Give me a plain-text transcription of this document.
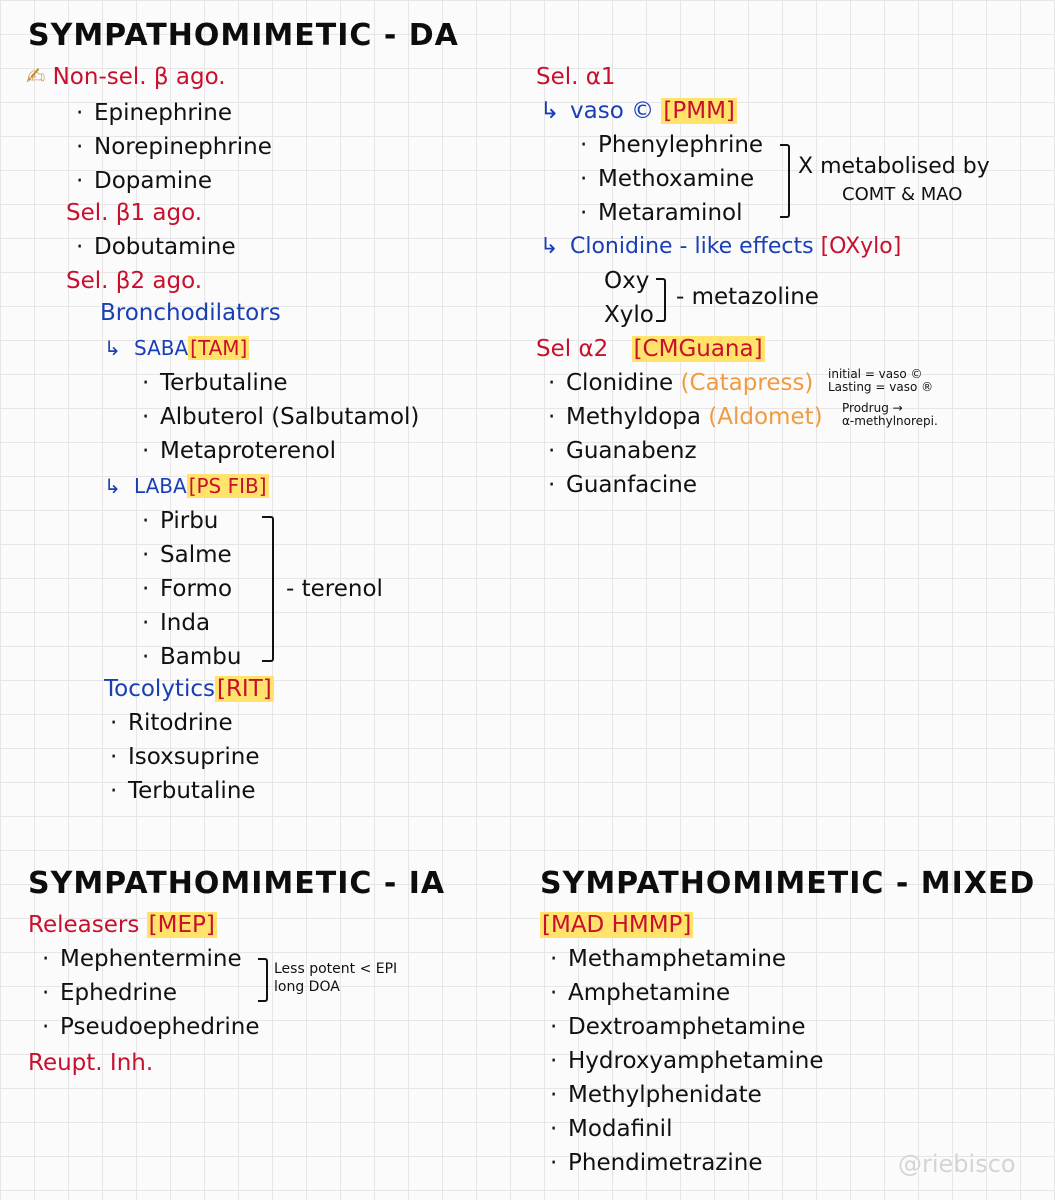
SYMPATHOMIMETIC - DA
✍ Non-sel. β ago.
· Epinephrine
· Norepinephrine
· Dopamine
Sel. β1 ago.
· Dobutamine
Sel. β2 ago.
Bronchodilators
↳ SABA [TAM]
· Terbutaline
· Albuterol (Salbutamol)
· Metaproterenol
↳ LABA [PS FIB]
· Pirbu
· Salme
· Formo
· Inda
· Bambu
- terenol
Tocolytics[RIT]
· Ritodrine
· Isoxsuprine
· Terbutaline
Sel. α1
↳ vaso © [PMM]
· Phenylephrine
· Methoxamine
· Metaraminol
X metabolised by
COMT & MAO
↳ Clonidine - like effects [OXylo]
Oxy
Xylo
- metazoline
Sel α2 [CMGuana]
· Clonidine (Catapress) initial = vaso ©
Lasting = vaso ®
· Methyldopa (Aldomet) Prodrug →
α-methylnorepi.
· Guanabenz
· Guanfacine
SYMPATHOMIMETIC - IA
Releasers [MEP]
· Mephentermine
· Ephedrine
· Pseudoephedrine
Less potent < EPI
long DOA
Reupt. Inh.
SYMPATHOMIMETIC - MIXED
[MAD HMMP]
· Methamphetamine
· Amphetamine
· Dextroamphetamine
· Hydroxyamphetamine
· Methylphenidate
· Modafinil
· Phendimetrazine	@riebisco
